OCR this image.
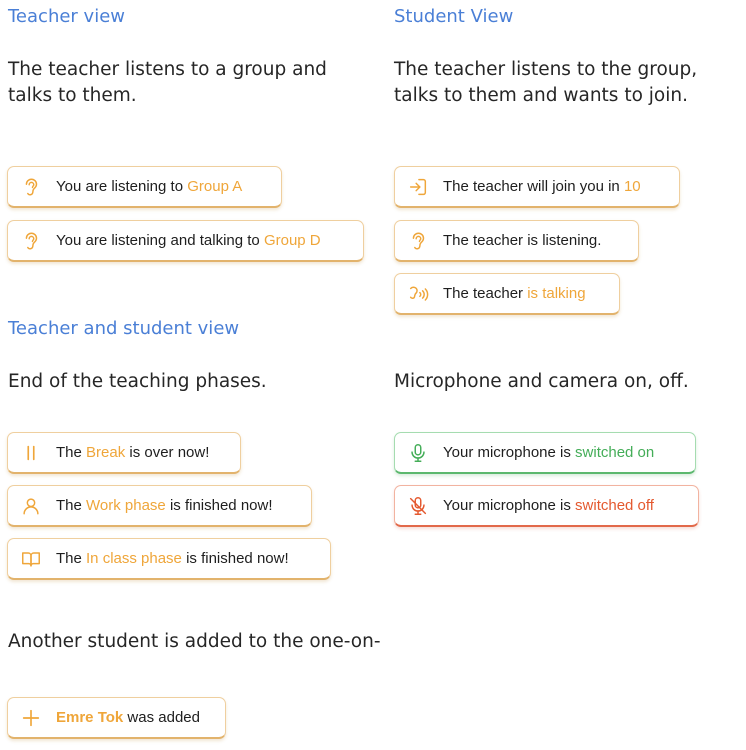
Teacher view
The teacher listens to a group and talks to them.
You are listening to Group A
You are listening and talking to Group D
Student View
The teacher listens to the group, talks to them and wants to join.
The teacher will join you in 10
The teacher is listening.
The teacher is talking
Teacher and student view
End of the teaching phases.
The Break is over now!
The Work phase is finished now!
The In class phase is finished now!
Microphone and camera on, off.
Your microphone is switched on
Your microphone is switched off
Another student is added to the one-on-
Emre Tok was added
